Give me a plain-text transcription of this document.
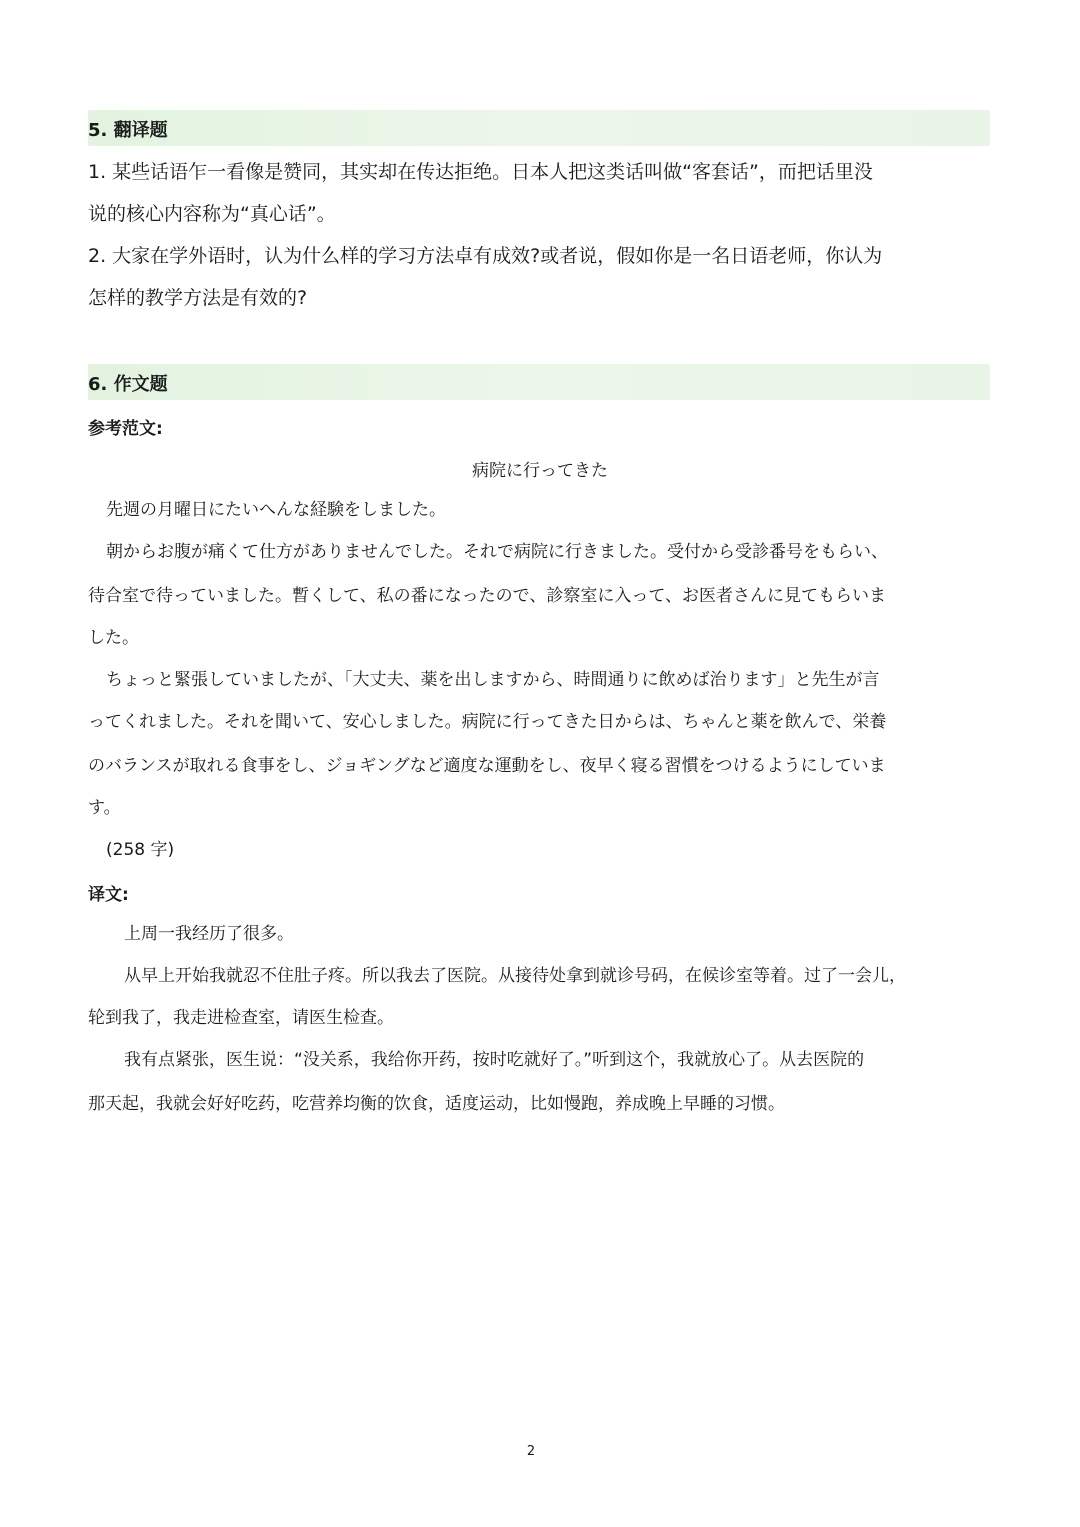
5. 翻译题
1. 某些话语乍一看像是赞同，其实却在传达拒绝。日本人把这类话叫做“客套话”，而把话里没
说的核心内容称为“真心话”。
2. 大家在学外语时，认为什么样的学习方法卓有成效?或者说，假如你是一名日语老师，你认为
怎样的教学方法是有效的?
6. 作文题
参考范文:
病院に行ってきた
先週の月曜日にたいへんな経験をしました。
朝からお腹が痛くて仕方がありませんでした。それで病院に行きました。受付から受診番号をもらい、
待合室で待っていました。暫くして、私の番になったので、診察室に入って、お医者さんに見てもらいま
した。
ちょっと緊張していましたが、「大丈夫、薬を出しますから、時間通りに飲めば治ります」と先生が言
ってくれました。それを聞いて、安心しました。病院に行ってきた日からは、ちゃんと薬を飲んで、栄養
のバランスが取れる食事をし、ジョギングなど適度な運動をし、夜早く寝る習慣をつけるようにしていま
す。
(258 字)
译文:
上周一我经历了很多。
从早上开始我就忍不住肚子疼。所以我去了医院。从接待处拿到就诊号码，在候诊室等着。过了一会儿，
轮到我了，我走进检查室，请医生检查。
我有点紧张，医生说：“没关系，我给你开药，按时吃就好了。”听到这个，我就放心了。从去医院的
那天起，我就会好好吃药，吃营养均衡的饮食，适度运动，比如慢跑，养成晚上早睡的习惯。
2
